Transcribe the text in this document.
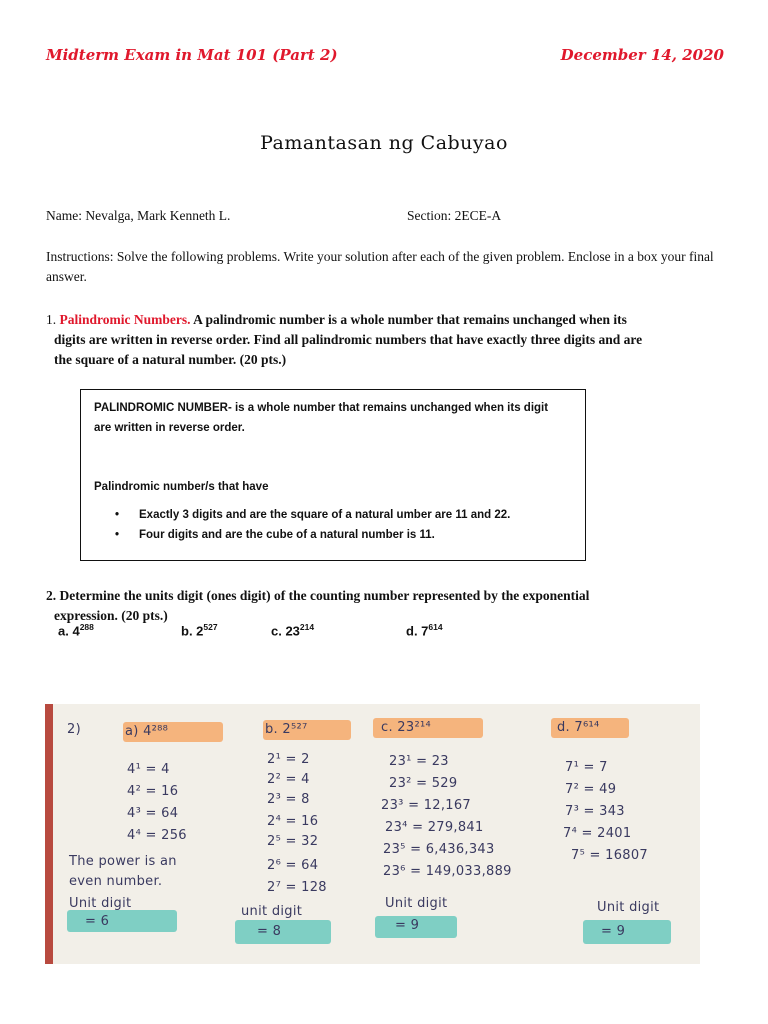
Midterm Exam in Mat 101 (Part 2)	December 14, 2020
Pamantasan ng Cabuyao
Name: Nevalga, Mark Kenneth L.	Section: 2ECE-A
Instructions: Solve the following problems. Write your solution after each of the given problem. Enclose in a box your final answer.
1. Palindromic Numbers. A palindromic number is a whole number that remains unchanged when its
digits are written in reverse order. Find all palindromic numbers that have exactly three digits and are
the square of a natural number. (20 pts.)
PALINDROMIC NUMBER- is a whole number that remains unchanged when its digit
are written in reverse order.
Palindromic number/s that have
• Exactly 3 digits and are the square of a natural umber are 11 and 22.
• Four digits and are the cube of a natural number is 11.
2. Determine the units digit (ones digit) of the counting number represented by the exponential
expression. (20 pts.)
a. $4^{288}$	b. $2^{527}$	c. $23^{214}$	d. $7^{614}$
2)	a) 4²⁸⁸
4¹ = 4
4² = 16
4³ = 64
4⁴ = 256
The power is an
even number.
Unit digit
= 6
b. 2⁵²⁷
2¹ = 2
2² = 4
2³ = 8
2⁴ = 16
2⁵ = 32
2⁶ = 64
2⁷ = 128
unit digit
= 8
c. 23²¹⁴
23¹ = 23
23² = 529
23³ = 12,167
23⁴ = 279,841
23⁵ = 6,436,343
23⁶ = 149,033,889
Unit digit
= 9
d. 7⁶¹⁴
7¹ = 7
7² = 49
7³ = 343
7⁴ = 2401
7⁵ = 16807
Unit digit
= 9
